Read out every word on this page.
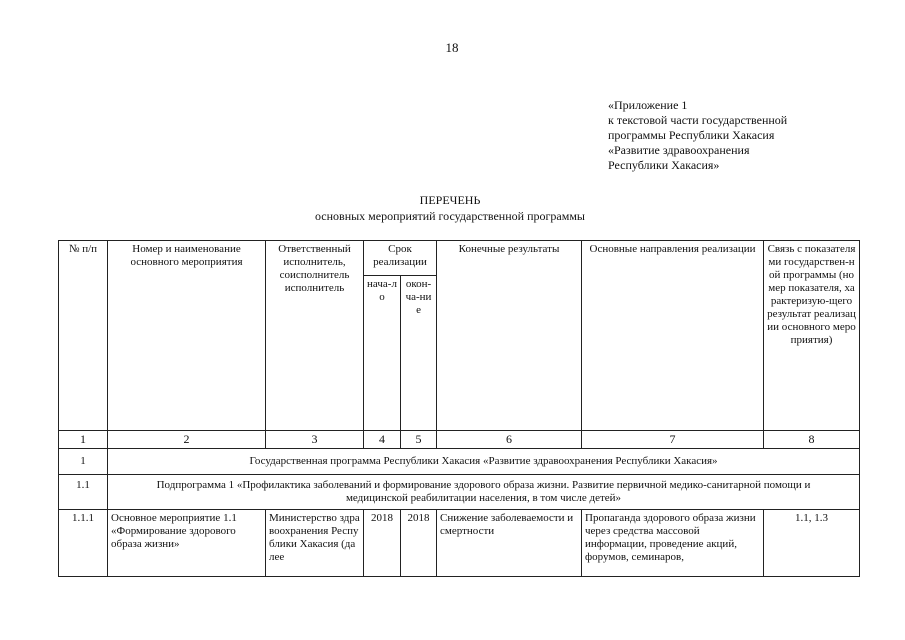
18
«Приложение 1
к текстовой части государственной
программы Республики Хакасия
«Развитие здравоохранения
Республики Хакасия»
ПЕРЕЧЕНЬ
основных мероприятий государственной программы
№ п/п	Номер и наименование основного мероприятия	Ответственный исполнитель, соисполнитель исполнитель	Срок реализации		Конечные результаты	Основные направления реализации	Связь с показателями государствен-ной программы (номер показателя, характеризую-щего результат реализации основного мероприятия)
			нача-ло	окон-ча-ние			
1	2	3	4	5	6	7	8
1	Государственная программа Республики Хакасия «Развитие здравоохранения Республики Хакасия»						
1.1	Подпрограмма 1 «Профилактика заболеваний и формирование здорового образа жизни. Развитие первичной медико-санитарной помощи и медицинской реабилитации населения, в том числе детей»						
1.1.1	Основное мероприятие 1.1 «Формирование здорового образа жизни»	Министерство здравоохранения Республики Хакасия (далее	2018	2018	Снижение заболеваемости и смертности	Пропаганда здорового образа жизни через средства массовой информации, проведение акций, форумов, семинаров,	1.1, 1.3
